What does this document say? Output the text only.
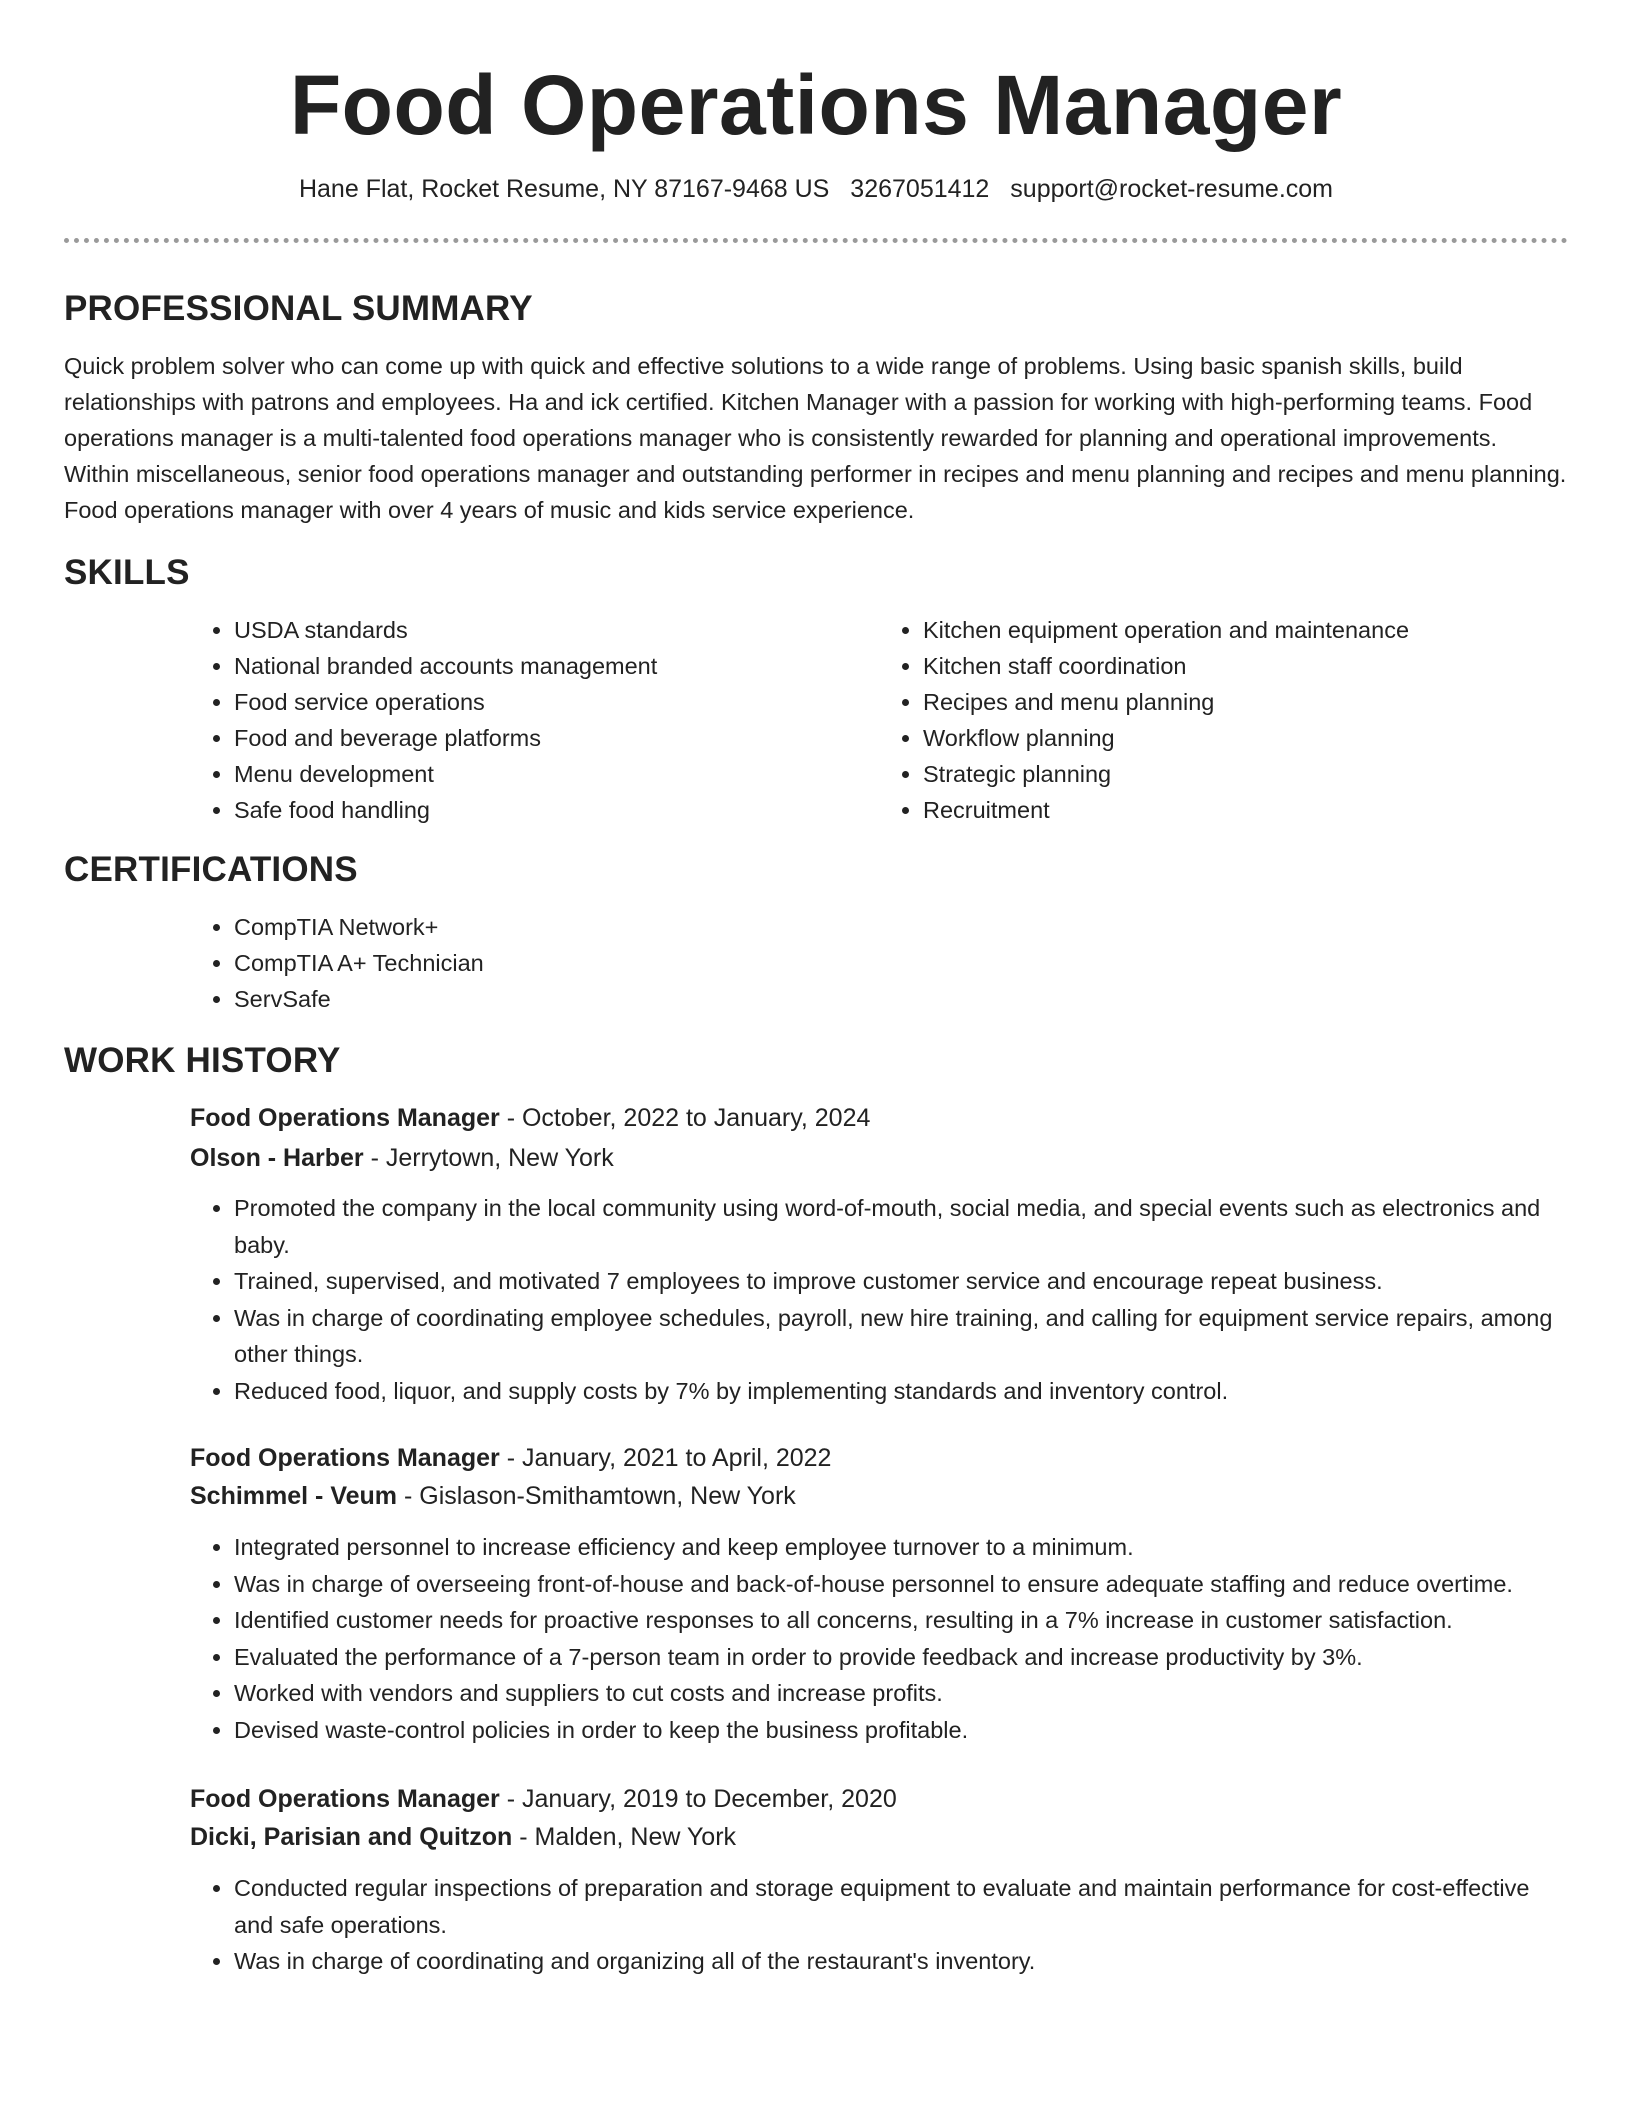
Food Operations Manager
Hane Flat, Rocket Resume, NY 87167-9468 US 3267051412 support@rocket-resume.com
PROFESSIONAL SUMMARY

Quick problem solver who can come up with quick and effective solutions to a wide range of problems. Using basic spanish skills, build relationships with patrons and employees. Ha and ick certified. Kitchen Manager with a passion for working with high-performing teams. Food operations manager is a multi-talented food operations manager who is consistently rewarded for planning and operational improvements. Within miscellaneous, senior food operations manager and outstanding performer in recipes and menu planning and recipes and menu planning. Food operations manager with over 4 years of music and kids service experience.

SKILLS
• USDA standards
• National branded accounts management
• Food service operations
• Food and beverage platforms
• Menu development
• Safe food handling
• Kitchen equipment operation and maintenance
• Kitchen staff coordination
• Recipes and menu planning
• Workflow planning
• Strategic planning
• Recruitment
CERTIFICATIONS
• CompTIA Network+
• CompTIA A+ Technician
• ServSafe
WORK HISTORY
Food Operations Manager - October, 2022 to January, 2024
Olson - Harber - Jerrytown, New York
• Promoted the company in the local community using word-of-mouth, social media, and special events such as electronics and baby.
• Trained, supervised, and motivated 7 employees to improve customer service and encourage repeat business.
• Was in charge of coordinating employee schedules, payroll, new hire training, and calling for equipment service repairs, among other things.
• Reduced food, liquor, and supply costs by 7% by implementing standards and inventory control.
Food Operations Manager - January, 2021 to April, 2022
Schimmel - Veum - Gislason-Smithamtown, New York
• Integrated personnel to increase efficiency and keep employee turnover to a minimum.
• Was in charge of overseeing front-of-house and back-of-house personnel to ensure adequate staffing and reduce overtime.
• Identified customer needs for proactive responses to all concerns, resulting in a 7% increase in customer satisfaction.
• Evaluated the performance of a 7-person team in order to provide feedback and increase productivity by 3%.
• Worked with vendors and suppliers to cut costs and increase profits.
• Devised waste-control policies in order to keep the business profitable.
Food Operations Manager - January, 2019 to December, 2020
Dicki, Parisian and Quitzon - Malden, New York
• Conducted regular inspections of preparation and storage equipment to evaluate and maintain performance for cost-effective and safe operations.
• Was in charge of coordinating and organizing all of the restaurant's inventory.
